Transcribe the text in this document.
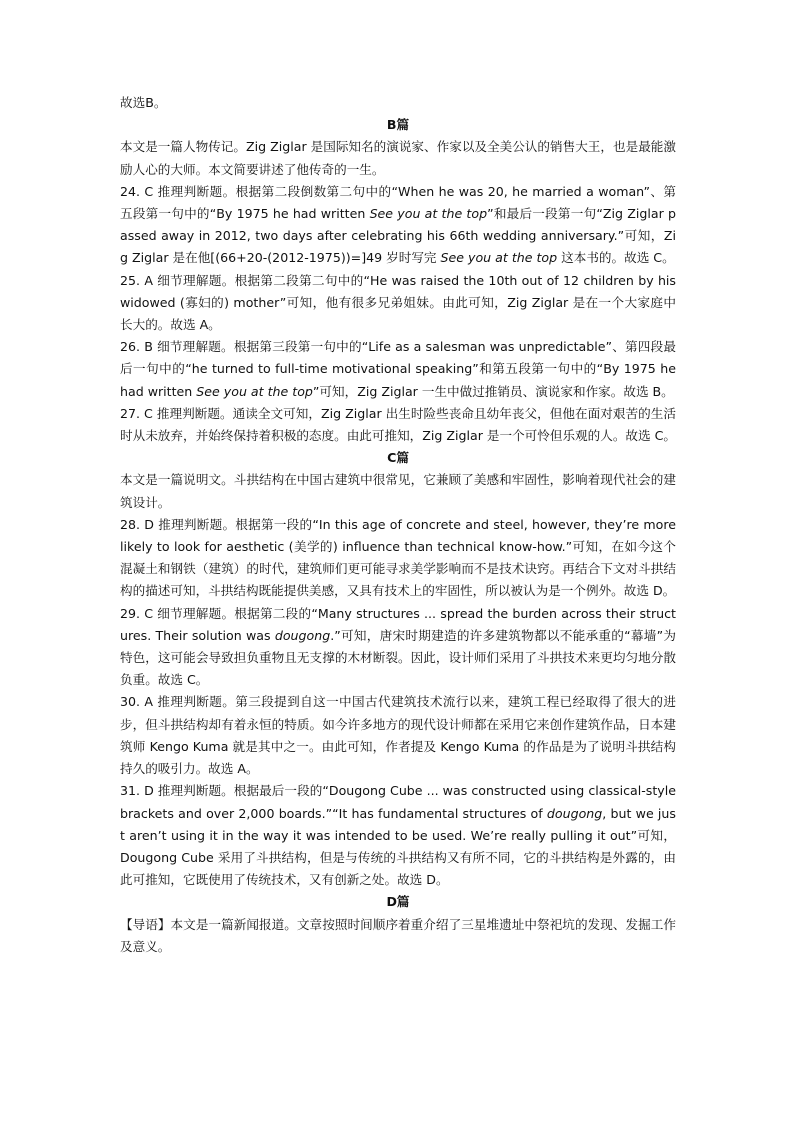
故选B。

B篇

本文是一篇人物传记。Zig Ziglar 是国际知名的演说家、作家以及全美公认的销售大王，也是最能激励人心的大师。本文简要讲述了他传奇的一生。

24. C 推理判断题。根据第二段倒数第二句中的“When he was 20, he married a woman”、第五段第一句中的“By 1975 he had written See you at the top”和最后一段第一句“Zig Ziglar passed away in 2012, two days after celebrating his 66th wedding anniversary.”可知，Zig Ziglar 是在他[(66+20-(2012-1975))=]49 岁时写完 See you at the top 这本书的。故选 C。

25. A 细节理解题。根据第二段第二句中的“He was raised the 10th out of 12 children by his widowed (寡妇的) mother”可知，他有很多兄弟姐妹。由此可知，Zig Ziglar 是在一个大家庭中长大的。故选 A。

26. B 细节理解题。根据第三段第一句中的“Life as a salesman was unpredictable”、第四段最后一句中的“he turned to full-time motivational speaking”和第五段第一句中的“By 1975 he had written See you at the top”可知，Zig Ziglar 一生中做过推销员、演说家和作家。故选 B。

27. C 推理判断题。通读全文可知，Zig Ziglar 出生时险些丧命且幼年丧父，但他在面对艰苦的生活时从未放弃，并始终保持着积极的态度。由此可推知，Zig Ziglar 是一个可怜但乐观的人。故选 C。

C篇

本文是一篇说明文。斗拱结构在中国古建筑中很常见，它兼顾了美感和牢固性，影响着现代社会的建筑设计。

28. D 推理判断题。根据第一段的“In this age of concrete and steel, however, they’re more likely to look for aesthetic (美学的) influence than technical know-how.”可知，在如今这个混凝土和钢铁（建筑）的时代，建筑师们更可能寻求美学影响而不是技术诀窍。再结合下文对斗拱结构的描述可知，斗拱结构既能提供美感，又具有技术上的牢固性，所以被认为是一个例外。故选 D。

29. C 细节理解题。根据第二段的“Many structures ... spread the burden across their structures. Their solution was dougong.”可知，唐宋时期建造的许多建筑物都以不能承重的“幕墙”为特色，这可能会导致担负重物且无支撑的木材断裂。因此，设计师们采用了斗拱技术来更均匀地分散负重。故选 C。

30. A 推理判断题。第三段提到自这一中国古代建筑技术流行以来，建筑工程已经取得了很大的进步，但斗拱结构却有着永恒的特质。如今许多地方的现代设计师都在采用它来创作建筑作品，日本建筑师 Kengo Kuma 就是其中之一。由此可知，作者提及 Kengo Kuma 的作品是为了说明斗拱结构持久的吸引力。故选 A。

31. D 推理判断题。根据最后一段的“Dougong Cube ... was constructed using classical-style brackets and over 2,000 boards.”“It has fundamental structures of dougong, but we just aren’t using it in the way it was intended to be used. We’re really pulling it out”可知，Dougong Cube 采用了斗拱结构，但是与传统的斗拱结构又有所不同，它的斗拱结构是外露的，由此可推知，它既使用了传统技术，又有创新之处。故选 D。

D篇

【导语】本文是一篇新闻报道。文章按照时间顺序着重介绍了三星堆遗址中祭祀坑的发现、发掘工作及意义。
